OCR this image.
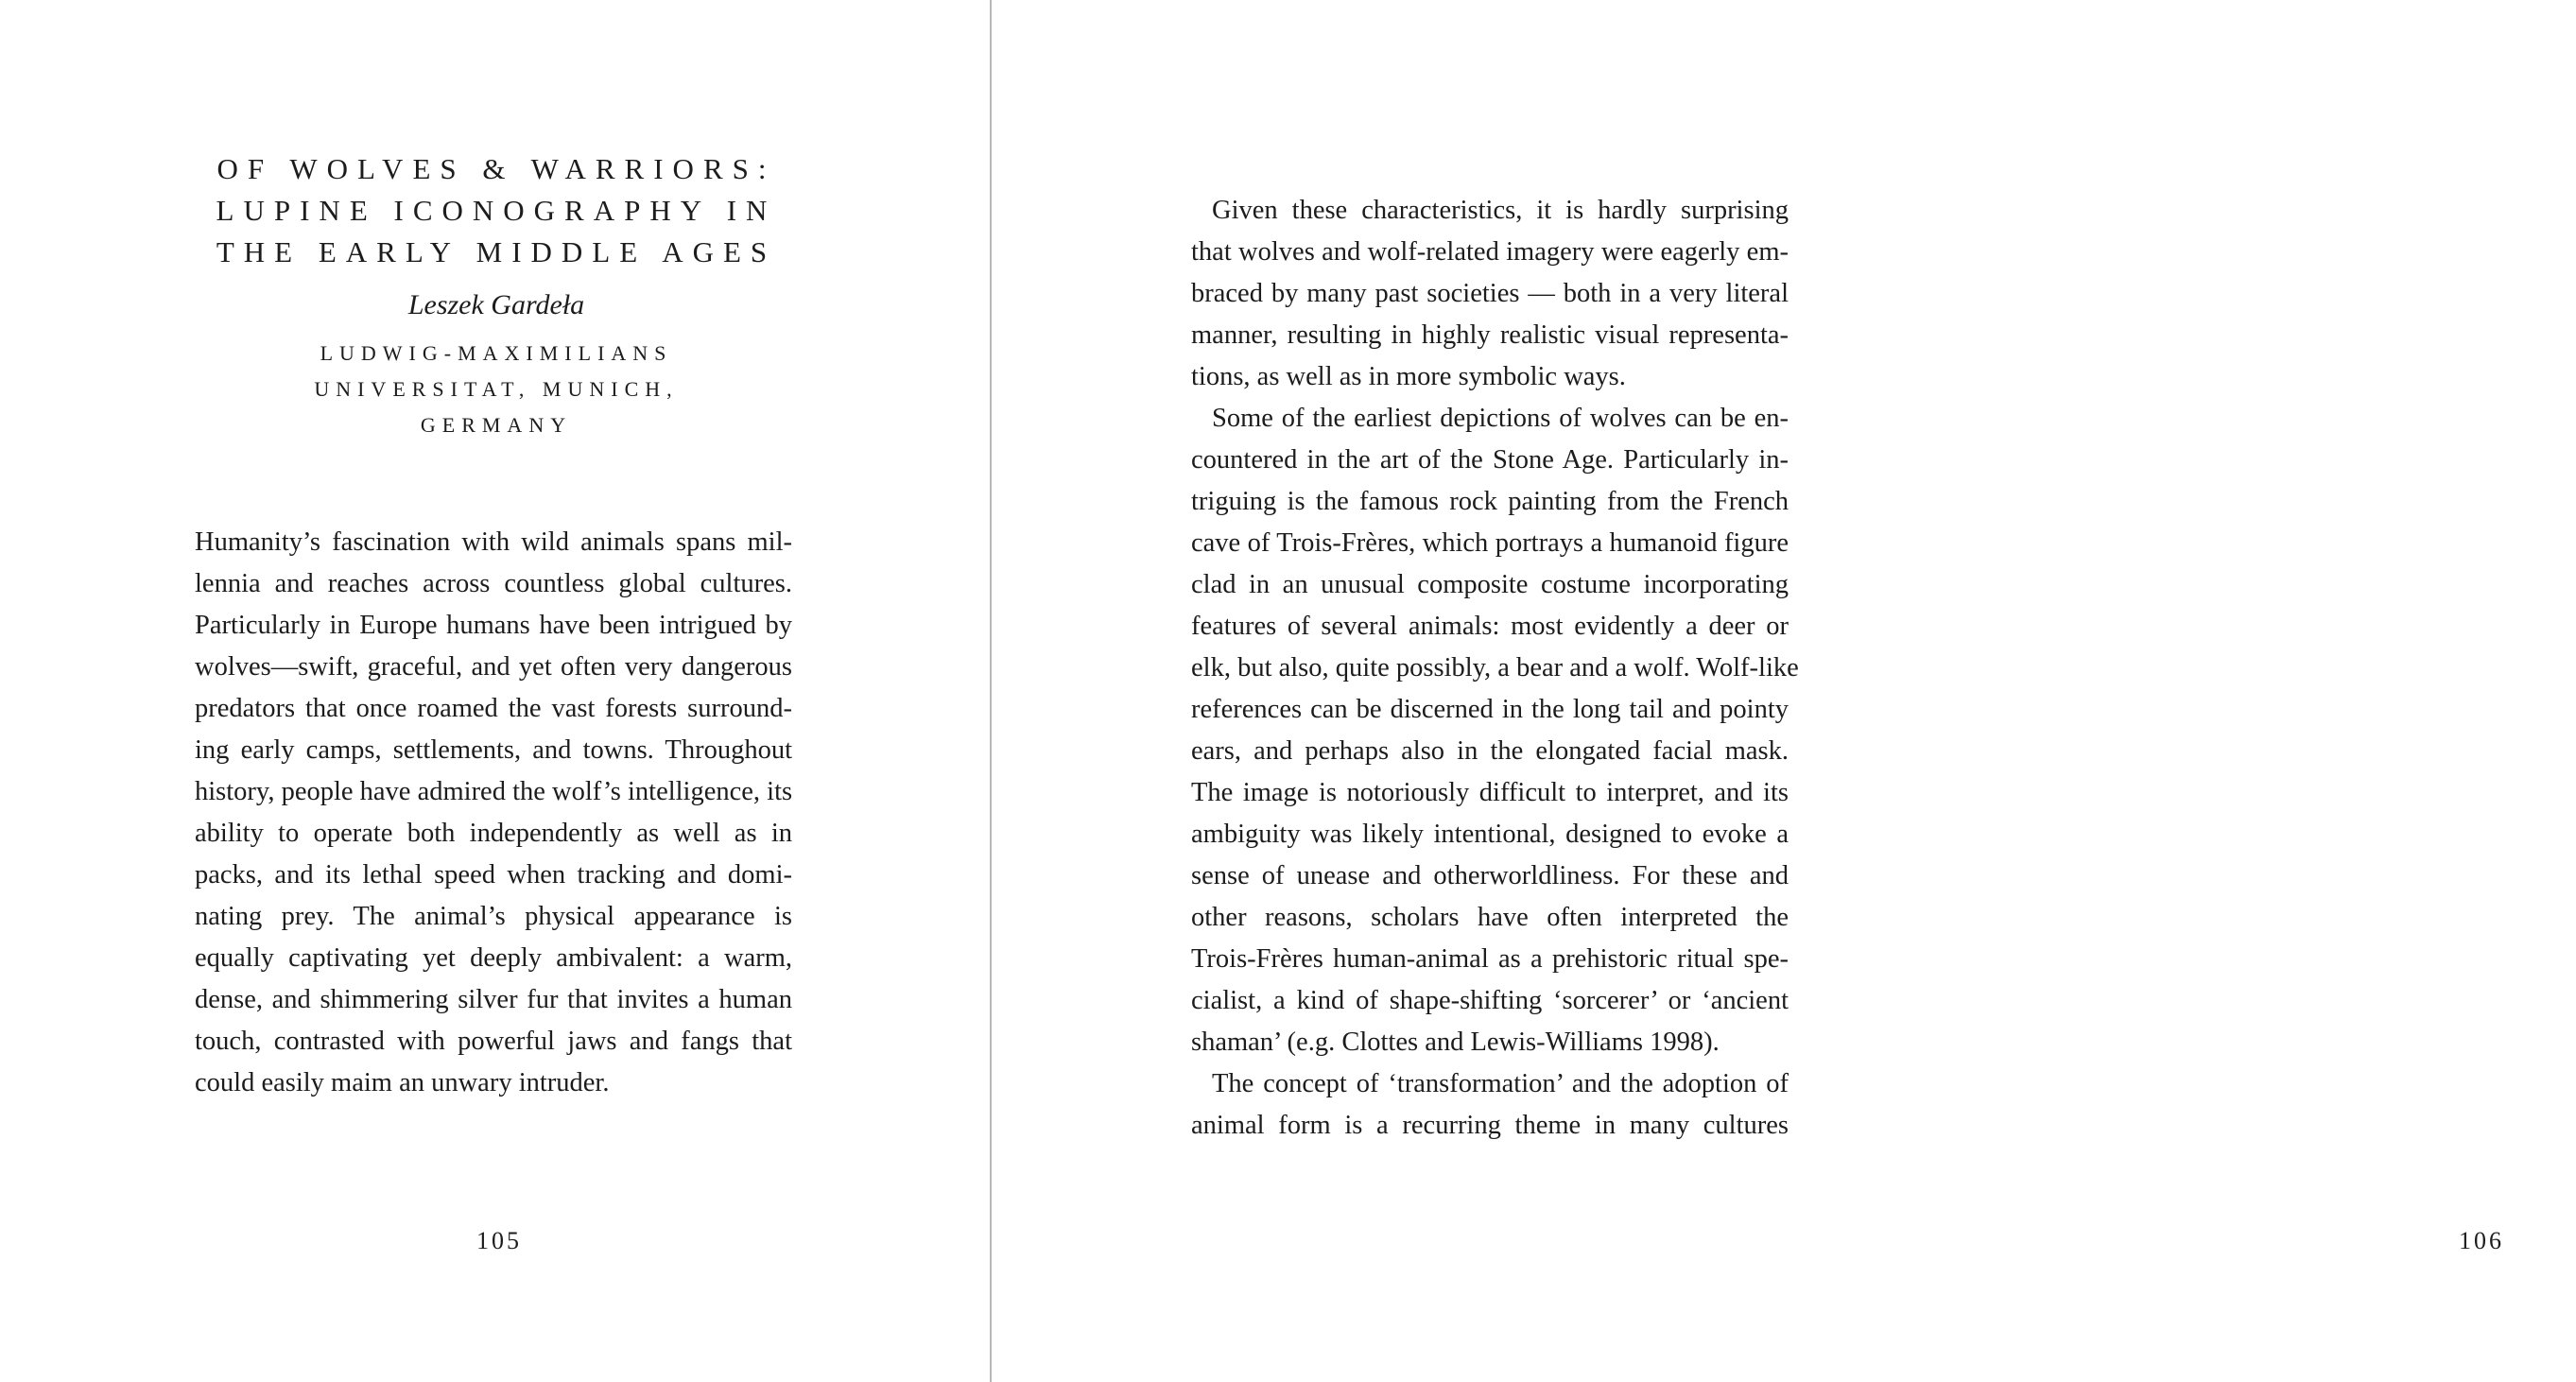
OF WOLVES & WARRIORS:
LUPINE ICONOGRAPHY IN
THE EARLY MIDDLE AGES
Leszek Gardeła
LUDWIG-MAXIMILIANS
UNIVERSITAT, MUNICH,
GERMANY

Humanity’s fascination with wild animals spans mil-
lennia and reaches across countless global cultures.
Particularly in Europe humans have been intrigued by
wolves—swift, graceful, and yet often very dangerous
predators that once roamed the vast forests surround-
ing early camps, settlements, and towns. Throughout
history, people have admired the wolf’s intelligence, its
ability to operate both independently as well as in
packs, and its lethal speed when tracking and domi-
nating prey. The animal’s physical appearance is
equally captivating yet deeply ambivalent: a warm,
dense, and shimmering silver fur that invites a human
touch, contrasted with powerful jaws and fangs that
could easily maim an unwary intruder.

105

Given these characteristics, it is hardly surprising
that wolves and wolf-related imagery were eagerly em-
braced by many past societies — both in a very literal
manner, resulting in highly realistic visual representa-
tions, as well as in more symbolic ways.
Some of the earliest depictions of wolves can be en-
countered in the art of the Stone Age. Particularly in-
triguing is the famous rock painting from the French
cave of Trois-Frères, which portrays a humanoid figure
clad in an unusual composite costume incorporating
features of several animals: most evidently a deer or
elk, but also, quite possibly, a bear and a wolf. Wolf-like
references can be discerned in the long tail and pointy
ears, and perhaps also in the elongated facial mask.
The image is notoriously difficult to interpret, and its
ambiguity was likely intentional, designed to evoke a
sense of unease and otherworldliness. For these and
other reasons, scholars have often interpreted the
Trois-Frères human-animal as a prehistoric ritual spe-
cialist, a kind of shape-shifting ‘sorcerer’ or ‘ancient
shaman’ (e.g. Clottes and Lewis-Williams 1998).
The concept of ‘transformation’ and the adoption of
animal form is a recurring theme in many cultures

106
